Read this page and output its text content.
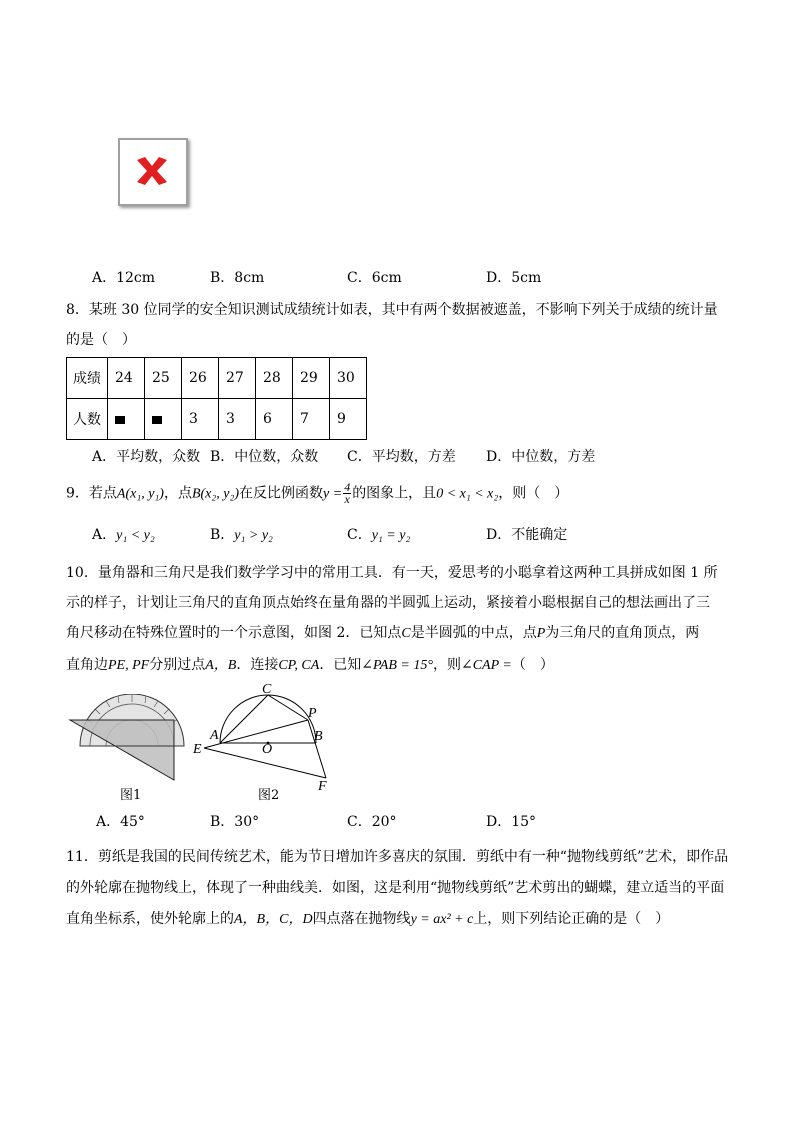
A．12cm	B．8cm	C．6cm	D．5cm
8．某班 30 位同学的安全知识测试成绩统计如表，其中有两个数据被遮盖，不影响下列关于成绩的统计量
的是（　）
成绩	24	25	26	27	28	29	30
人数			3	3	6	7	9
A．平均数，众数 B．中位数，众数 C．平均数，方差 D．中位数，方差
9．若点A(x₁, y₁)，点B(x₂, y₂)在反比例函数$y = \frac{4}{x}$ 的图象上，且0 < x₁ < x₂，则（　）
A．y₁ < y₂	B．y₁ > y₂	C．y₁ = y₂	D．不能确定
10．量角器和三角尺是我们数学学习中的常用工具．有一天，爱思考的小聪拿着这两种工具拼成如图 1 所
示的样子，计划让三角尺的直角顶点始终在量角器的半圆弧上运动，紧接着小聪根据自己的想法画出了三
角尺移动在特殊位置时的一个示意图，如图 2．已知点C是半圆弧的中点，点P为三角尺的直角顶点，两
直角边PE, PF分别过点A，B．连接CP, CA．已知∠PAB = 15°，则∠CAP =（　）
图1
C
P
A	B
E	O
F
图2
A．45°	B．30°	C．20°	D．15°
11．剪纸是我国的民间传统艺术，能为节日增加许多喜庆的氛围．剪纸中有一种“抛物线剪纸”艺术，即作品
的外轮廓在抛物线上，体现了一种曲线美．如图，这是利用“抛物线剪纸”艺术剪出的蝴蝶，建立适当的平面
直角坐标系，使外轮廓上的A，B，C，D四点落在抛物线y = ax² + c上，则下列结论正确的是（　）
